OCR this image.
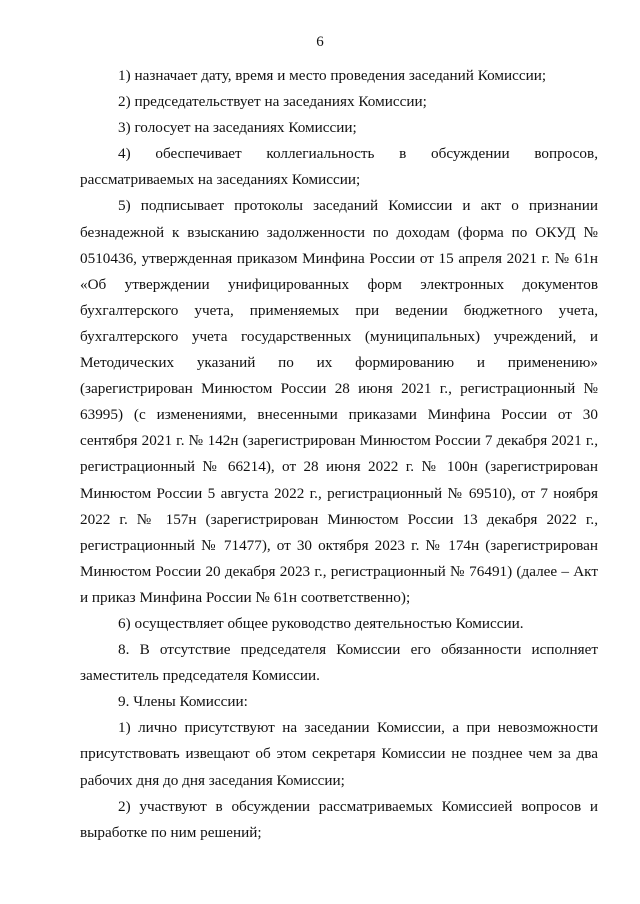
6

1) назначает дату, время и место проведения заседаний Комиссии;

2) председательствует на заседаниях Комиссии;

3) голосует на заседаниях Комиссии;

4) обеспечивает коллегиальность в обсуждении вопросов, рассматриваемых на заседаниях Комиссии;

5) подписывает протоколы заседаний Комиссии и акт о признании безнадежной к взысканию задолженности по доходам (форма по ОКУД № 0510436, утвержденная приказом Минфина России от 15 апреля 2021 г. № 61н «Об утверждении унифицированных форм электронных документов бухгалтерского учета, применяемых при ведении бюджетного учета, бухгалтерского учета государственных (муниципальных) учреждений, и Методических указаний по их формированию и применению» (зарегистрирован Минюстом России 28 июня 2021 г., регистрационный № 63995) (с изменениями, внесенными приказами Минфина России от 30 сентября 2021 г. № 142н (зарегистрирован Минюстом России 7 декабря 2021 г., регистрационный № 66214), от 28 июня 2022 г. № 100н (зарегистрирован Минюстом России 5 августа 2022 г., регистрационный № 69510), от 7 ноября 2022 г. № 157н (зарегистрирован Минюстом России 13 декабря 2022 г., регистрационный № 71477), от 30 октября 2023 г. № 174н (зарегистрирован Минюстом России 20 декабря 2023 г., регистрационный № 76491) (далее – Акт и приказ Минфина России № 61н соответственно);

6) осуществляет общее руководство деятельностью Комиссии.

8. В отсутствие председателя Комиссии его обязанности исполняет заместитель председателя Комиссии.

9. Члены Комиссии:

1) лично присутствуют на заседании Комиссии, а при невозможности присутствовать извещают об этом секретаря Комиссии не позднее чем за два рабочих дня до дня заседания Комиссии;

2) участвуют в обсуждении рассматриваемых Комиссией вопросов и выработке по ним решений;
